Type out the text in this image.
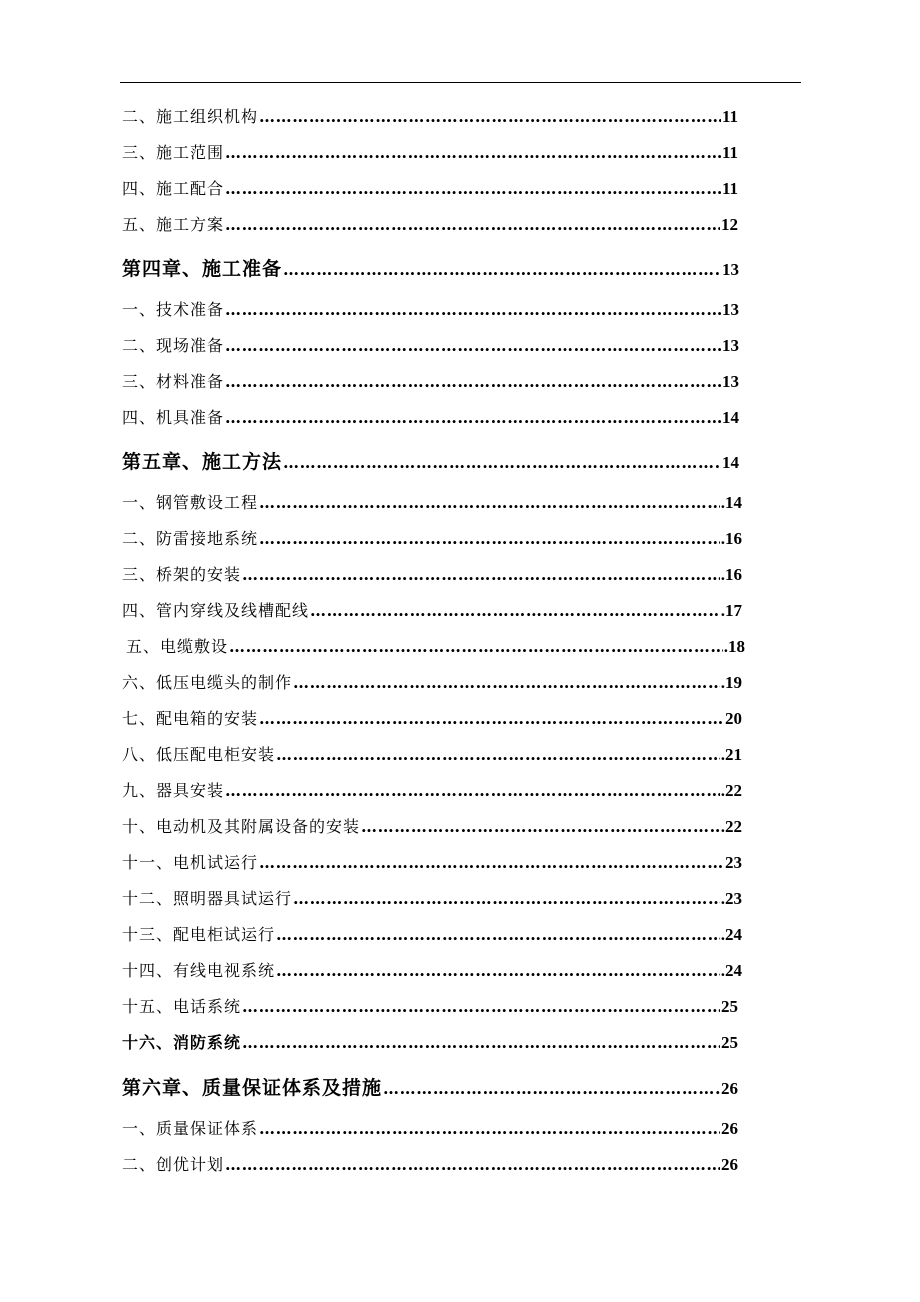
二、施工组织机构 …………………………………………………………………………………………………………………………………………………	11
三、施工范围 …………………………………………………………………………………………………………………………………………………	11
四、施工配合 …………………………………………………………………………………………………………………………………………………	11
五、施工方案 …………………………………………………………………………………………………………………………………………………	12
第四章、施工准备 …………………………………………………………………………………………………………………………………………………	13
一、技术准备 …………………………………………………………………………………………………………………………………………………	13
二、现场准备 …………………………………………………………………………………………………………………………………………………	13
三、材料准备 …………………………………………………………………………………………………………………………………………………	13
四、机具准备 …………………………………………………………………………………………………………………………………………………	14
第五章、施工方法 …………………………………………………………………………………………………………………………………………………	14
一、钢管敷设工程 …………………………………………………………………………………………………………………………………………………	.14
二、防雷接地系统 …………………………………………………………………………………………………………………………………………………	.16
三、桥架的安装 …………………………………………………………………………………………………………………………………………………	.16
四、管内穿线及线槽配线 …………………………………………………………………………………………………………………………………………………	.17
五、电缆敷设 …………………………………………………………………………………………………………………………………………………	.18
六、低压电缆头的制作 …………………………………………………………………………………………………………………………………………………	.19
七、配电箱的安装 …………………………………………………………………………………………………………………………………………………	20
八、低压配电柜安装 …………………………………………………………………………………………………………………………………………………	.21
九、器具安装 …………………………………………………………………………………………………………………………………………………	.22
十、电动机及其附属设备的安装 …………………………………………………………………………………………………………………………………………………	.22
十一、电机试运行 …………………………………………………………………………………………………………………………………………………	23
十二、照明器具试运行 …………………………………………………………………………………………………………………………………………………	.23
十三、配电柜试运行 …………………………………………………………………………………………………………………………………………………	.24
十四、有线电视系统 …………………………………………………………………………………………………………………………………………………	.24
十五、电话系统 …………………………………………………………………………………………………………………………………………………	25
十六、消防系统 …………………………………………………………………………………………………………………………………………………	25
第六章、质量保证体系及措施 …………………………………………………………………………………………………………………………………………………	26
一、质量保证体系 …………………………………………………………………………………………………………………………………………………	26
二、创优计划 …………………………………………………………………………………………………………………………………………………	26
